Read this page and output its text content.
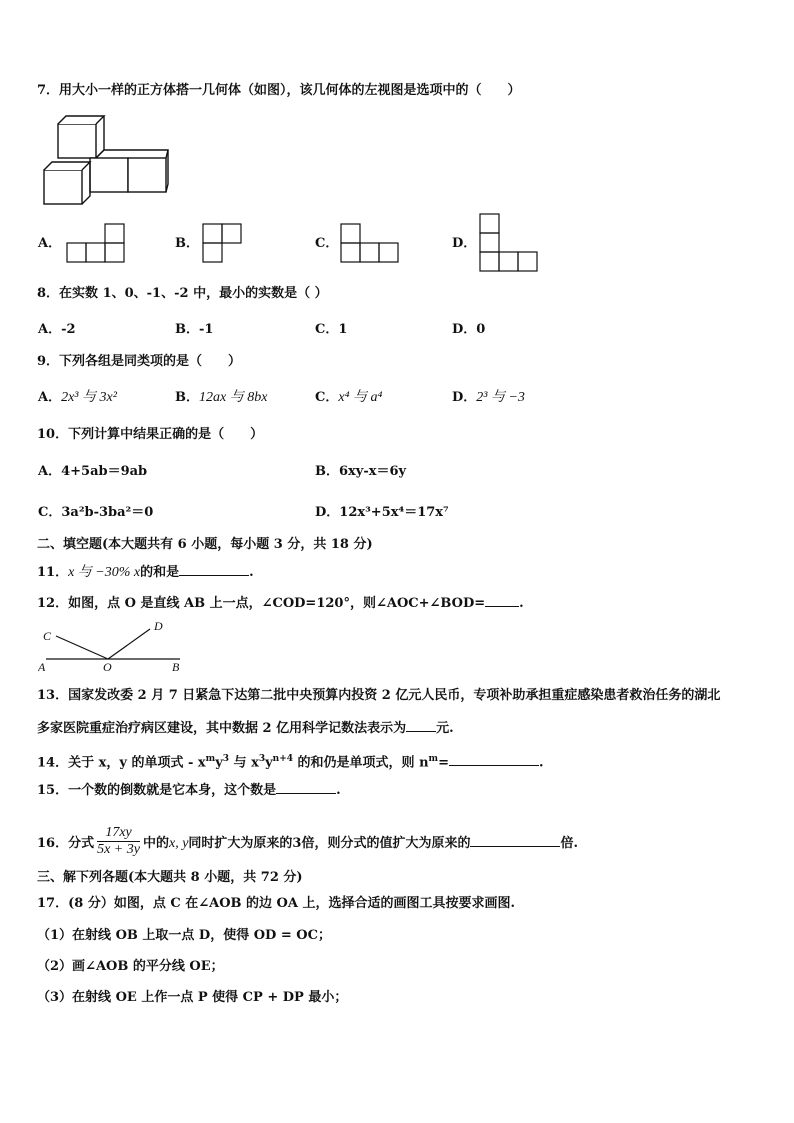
7．用大小一样的正方体搭一几何体（如图），该几何体的左视图是选项中的（　　）
A．	B．	C．	D．
8．在实数 1、0、-1、-2 中，最小的实数是（ ）
A．-2	B．-1	C．1	D．0
9．下列各组是同类项的是（　　）
A．2x³ 与 3x²	B．12ax 与 8bx	C．x⁴ 与 a⁴	D．2³ 与 −3
10．下列计算中结果正确的是（　　）
A．4+5ab＝9ab	B．6xy-x＝6y
C．3a²b-3ba²＝0	D．12x³+5x⁴＝17x⁷
二、填空题(本大题共有 6 小题，每小题 3 分，共 18 分)
11．x 与 −30% x的和是	.
12．如图，点 O 是直线 AB 上一点，∠COD=120°，则∠AOC+∠BOD=	.
A	O	B
C
D
13．国家发改委 2 月 7 日紧急下达第二批中央预算内投资 2 亿元人民币，专项补助承担重症感染患者救治任务的湖北
多家医院重症治疗病区建设，其中数据 2 亿用科学记数法表示为 元.
14．关于 x，y 的单项式 - $x^my^3$ 与 $x^3y^{n+4}$ 的和仍是单项式，则 $n^m=$	.
15．一个数的倒数就是它本身，这个数是	.
16．分式 $\frac{17xy}{5x + 3y}$ 中的x, y同时扩大为原来的3倍，则分式的值扩大为原来的	倍.
三、解下列各题(本大题共 8 小题，共 72 分)
17．(8 分）如图，点 C 在∠AOB 的边 OA 上，选择合适的画图工具按要求画图.
（1）在射线 OB 上取一点 D，使得 OD = OC；
（2）画∠AOB 的平分线 OE；
（3）在射线 OE 上作一点 P 使得 CP + DP 最小；
